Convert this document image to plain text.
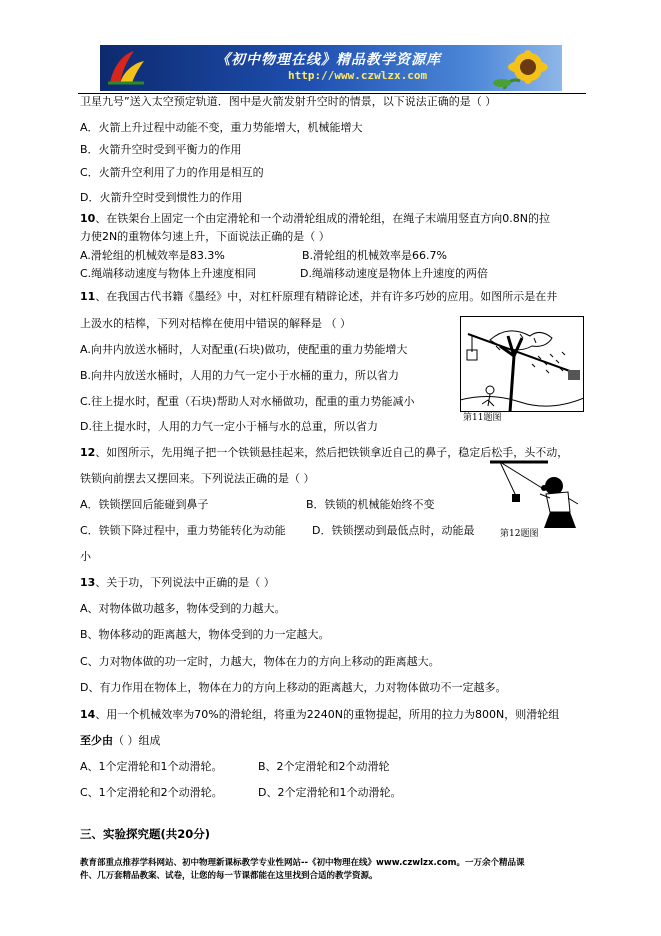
《初中物理在线》精品教学资源库
http://www.czwlzx.com
卫星九号”送入太空预定轨道．图中是火箭发射升空时的情景，以下说法正确的是（ ）
A．火箭上升过程中动能不变，重力势能增大，机械能增大
B．火箭升空时受到平衡力的作用
C．火箭升空利用了力的作用是相互的
D．火箭升空时受到惯性力的作用
10、在铁架台上固定一个由定滑轮和一个动滑轮组成的滑轮组，在绳子末端用竖直方向0.8N的拉
力使2N的重物体匀速上升，下面说法正确的是（ ）
A.滑轮组的机械效率是83.3%	B.滑轮组的机械效率是66.7%
C.绳端移动速度与物体上升速度相同	D.绳端移动速度是物体上升速度的两倍
11、在我国古代书籍《墨经》中，对杠杆原理有精辟论述，并有许多巧妙的应用。如图所示是在井
上汲水的桔槔，下列对桔槔在使用中错误的解释是 （ ）
A.向井内放送水桶时，人对配重(石块)做功，使配重的重力势能增大
B.向井内放送水桶时，人用的力气一定小于水桶的重力，所以省力
C.往上提水时，配重（石块)帮助人对水桶做功，配重的重力势能减小
D.往上提水时，人用的力气一定小于桶与水的总重，所以省力
第11题图
12、如图所示，先用绳子把一个铁锁悬挂起来，然后把铁锁拿近自己的鼻子，稳定后松手，头不动，
铁锁向前摆去又摆回来。下列说法正确的是（ ）
A．铁锁摆回后能碰到鼻子	B．铁锁的机械能始终不变
C．铁锁下降过程中，重力势能转化为动能 D．铁锁摆动到最低点时，动能最
小
第12题图
13、关于功，下列说法中正确的是（ ）
A、对物体做功越多，物体受到的力越大。
B、物体移动的距离越大，物体受到的力一定越大。
C、力对物体做的功一定时，力越大，物体在力的方向上移动的距离越大。
D、有力作用在物体上，物体在力的方向上移动的距离越大，力对物体做功不一定越多。
14、用一个机械效率为70%的滑轮组，将重为2240N的重物提起，所用的拉力为800N，则滑轮组
至少由（ ）组成
A、1个定滑轮和1个动滑轮。	B、2个定滑轮和2个动滑轮
C、1个定滑轮和2个动滑轮。	D、2个定滑轮和1个动滑轮。
三、实验探究题(共20分)
教育部重点推荐学科网站、初中物理新课标教学专业性网站--《初中物理在线》www.czwlzx.com。一万余个精品课
件、几万套精品教案、试卷，让您的每一节课都能在这里找到合适的教学资源。
